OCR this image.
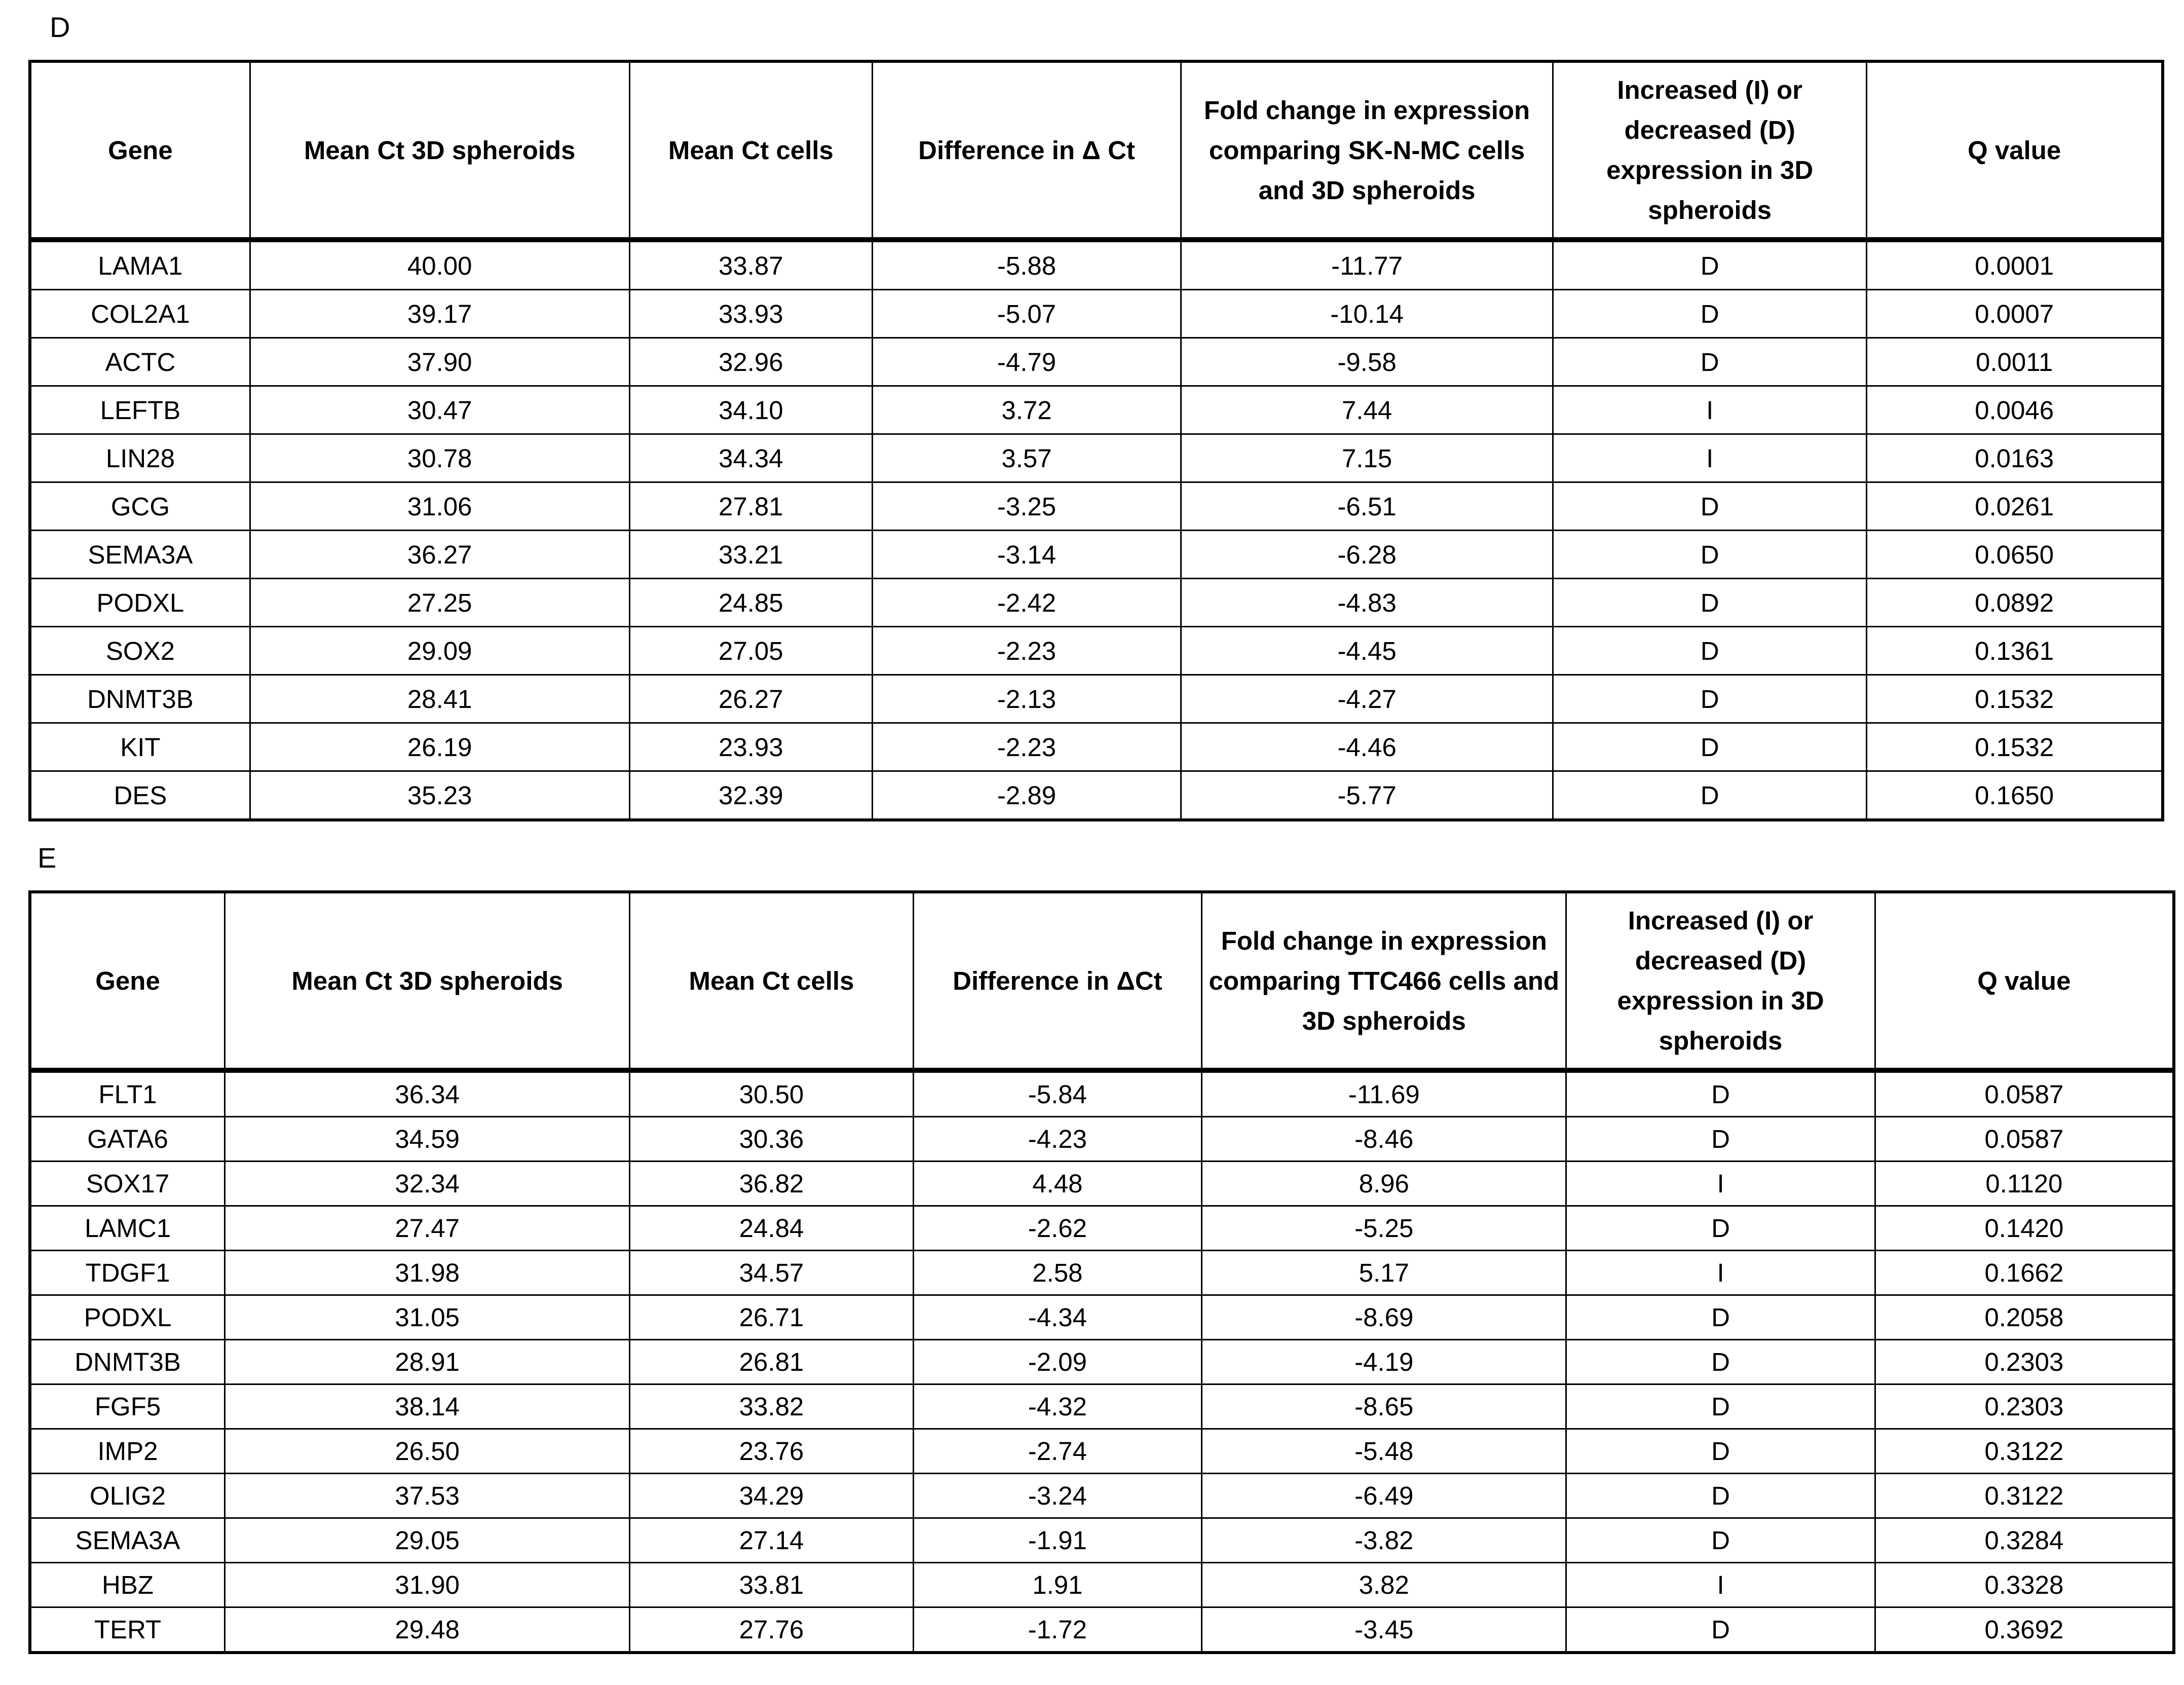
D
Gene	Mean Ct 3D spheroids	Mean Ct cells	Difference in Δ Ct	Fold change in expression comparing SK-N-MC cells and 3D spheroids	Increased (I) or decreased (D) expression in 3D spheroids	Q value
LAMA1	40.00	33.87	-5.88	-11.77	D	0.0001
COL2A1	39.17	33.93	-5.07	-10.14	D	0.0007
ACTC	37.90	32.96	-4.79	-9.58	D	0.0011
LEFTB	30.47	34.10	3.72	7.44	I	0.0046
LIN28	30.78	34.34	3.57	7.15	I	0.0163
GCG	31.06	27.81	-3.25	-6.51	D	0.0261
SEMA3A	36.27	33.21	-3.14	-6.28	D	0.0650
PODXL	27.25	24.85	-2.42	-4.83	D	0.0892
SOX2	29.09	27.05	-2.23	-4.45	D	0.1361
DNMT3B	28.41	26.27	-2.13	-4.27	D	0.1532
KIT	26.19	23.93	-2.23	-4.46	D	0.1532
DES	35.23	32.39	-2.89	-5.77	D	0.1650
E
Gene	Mean Ct 3D spheroids	Mean Ct cells	Difference in ΔCt	Fold change in expression comparing TTC466 cells and 3D spheroids	Increased (I) or decreased (D) expression in 3D spheroids	Q value
FLT1	36.34	30.50	-5.84	-11.69	D	0.0587
GATA6	34.59	30.36	-4.23	-8.46	D	0.0587
SOX17	32.34	36.82	4.48	8.96	I	0.1120
LAMC1	27.47	24.84	-2.62	-5.25	D	0.1420
TDGF1	31.98	34.57	2.58	5.17	I	0.1662
PODXL	31.05	26.71	-4.34	-8.69	D	0.2058
DNMT3B	28.91	26.81	-2.09	-4.19	D	0.2303
FGF5	38.14	33.82	-4.32	-8.65	D	0.2303
IMP2	26.50	23.76	-2.74	-5.48	D	0.3122
OLIG2	37.53	34.29	-3.24	-6.49	D	0.3122
SEMA3A	29.05	27.14	-1.91	-3.82	D	0.3284
HBZ	31.90	33.81	1.91	3.82	I	0.3328
TERT	29.48	27.76	-1.72	-3.45	D	0.3692
